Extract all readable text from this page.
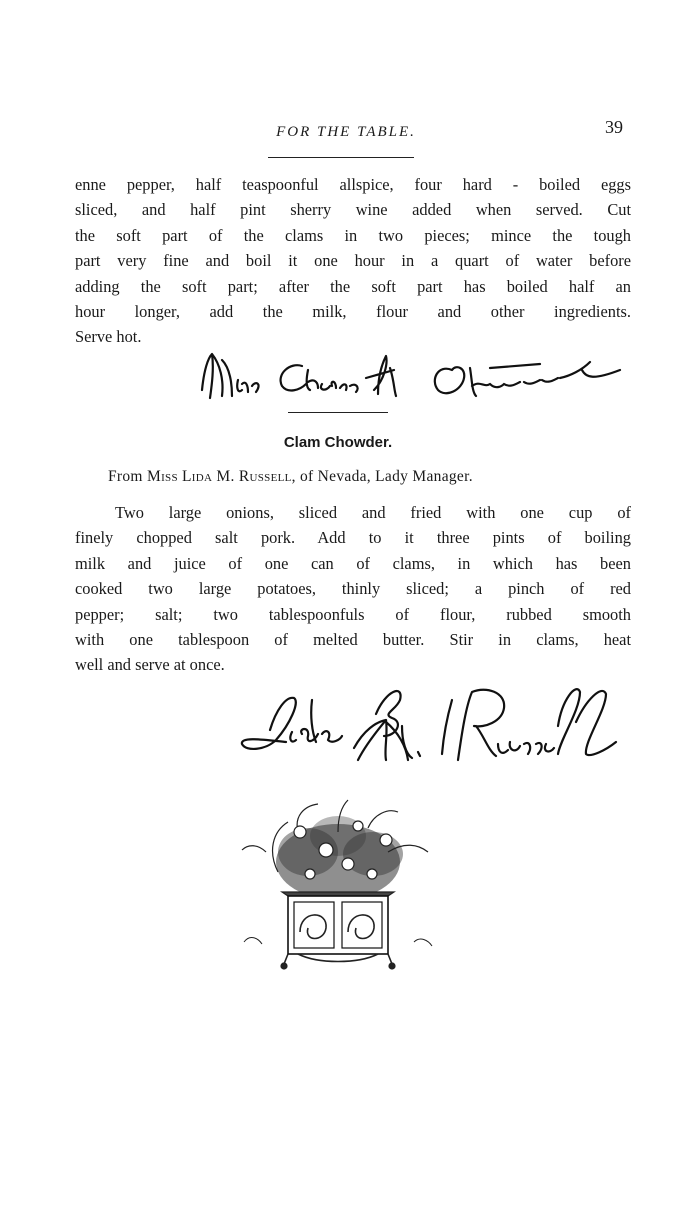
FOR THE TABLE.	39
enne pepper, half teaspoonful allspice, four hard - boiled eggs
sliced, and half pint sherry wine added when served. Cut
the soft part of the clams in two pieces; mince the tough
part very fine and boil it one hour in a quart of water before
adding the soft part; after the soft part has boiled half an
hour longer, add the milk, flour and other ingredients.
Serve hot.
Clam Chowder.
From Miss Lida M. Russell, of Nevada, Lady Manager.
Two large onions, sliced and fried with one cup of
finely chopped salt pork. Add to it three pints of boiling
milk and juice of one can of clams, in which has been
cooked two large potatoes, thinly sliced; a pinch of red
pepper; salt; two tablespoonfuls of flour, rubbed smooth
with one tablespoon of melted butter. Stir in clams, heat
well and serve at once.
